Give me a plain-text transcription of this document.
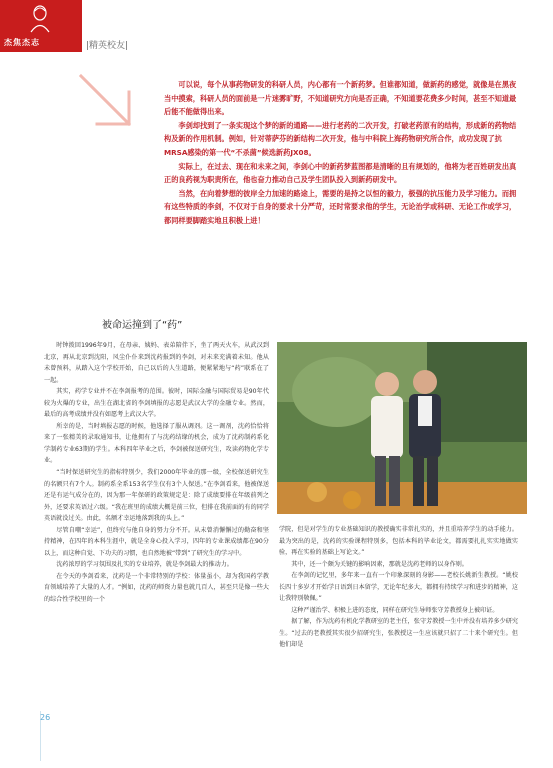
杰焦杰志	|精英校友|

可以说，每个从事药物研发的科研人员，内心都有一个新药梦。但谁都知道，做新药的感觉，就像是在黑夜当中摸索，科研人员的面前是一片迷雾旷野，不知道研究方向是否正确，不知道要花费多少时间，甚至不知道最后能不能做得出来。

李剑却找到了一条实现这个梦的新的通路——进行老药的二次开发，打破老药原有的结构，形成新的药物结构及新的作用机制。例如，针对蒂萨芬的新结构二次开发，他与中科院上海药物研究所合作，成功发现了抗MRSA感染的第一代“不杀菌”候选新药JX08。

实际上，在过去、现在和未来之间，李剑心中的新药梦蓝图都是清晰的且有规划的，他将为老百姓研发出真正的良药视为职责所在，他也奋力推动自己及学生团队投入到新药研发中。

当然，在向着梦想的彼岸全力加速的路途上，需要的是持之以恒的毅力，极强的抗压能力及学习能力。而拥有这些特质的李剑，不仅对于自身的要求十分严苛，还时常要求他的学生，无论治学或科研、无论工作或学习，都同样要脚踏实地且积极上进！

被命运撞到了“药”

时钟拨回1996年9月，在母亲、姨妈、表弟陪伴下，坐了两天火车，从武汉到北京，再从北京到沈阳，风尘仆仆来到沈药报到的李剑，对未来充满着未知。他从未曾预料，从踏入这个学校开始，自己以后的人生道路，便紧紧地与“药”联系在了一起。

其实，药学专业并不在李剑报考的范围。彼时，国际金融与国际贸易是90年代较为火爆的专业，出生在湖北省的李剑填报的志愿是武汉大学的金融专业。然而，最后的高考成绩并没有如愿考上武汉大学。

所幸的是，当时填报志愿的时候，他选择了服从调剂。这一调剂，沈药恰恰将来了一张精美的录取通知书，让他拥有了与沈药结缘的机会，成为了沈药制药系化学制药专业63期的学生。本科四年毕业之后，李剑被保送研究生，攻读药物化学专业。

“当时保送研究生的指标特别少，我们2000年毕业的那一级，全校保送研究生的名额只有7个人。制药系全系153名学生仅有3个人保送。”在李剑看来，他被保送还是有运气成分在的，因为那一年保研的政策规定是：除了成绩要排在年级前列之外，还要求英语过六级。“我在班里的成绩大概是前三位，但排在我前面的有的同学英语就没过关。由此，名额才幸运地落到我的头上。”

尽管自嘲“幸运”，但终究与他自身的努力分不开。从未曾消懈懈过的勤奋和坚持精神，在四年的本科生涯中，就是全身心投入学习，四年的专业课成绩都在90分以上，而这种自觉、下功夫的习惯，也自然地被“带到”了研究生的学习中。

沈药浓厚的学习氛围及扎实的专业培养，就是李剑最大的推动力。

在令天的李剑看来，沈药是一个非常特别的学校：体量虽小，却为我国药学教育领域培养了大量的人才。“例如，沈药的师资力量也就几百人，甚至只是像一些大的综合性学校里的一个

学院，但是对学生的专业基础知识的教授确实非常扎实的，并且重培养学生的动手能力。最为突出的是，沈药的实验课程特别多，包括本科的毕业论文，都需要扎扎实实地做实验，再在实验的基础上写论文。”

其中，还一个颇为关键的影响因素，那就是沈药老师的以身作则。

在李剑的记忆里，多年来一直有一个印象深刻的身影——老校长姚新生教授。“姚校长四十多岁才开始学日语到日本留学，无论年纪多大，都拥有持续学习和进步的精神，这让我特别敬佩。”

这种严谨治学、积极上进的态度，同样在研究生导师张守芳教授身上被印证。

据了解，作为沈药有机化学教研室的老主任，张守芳教授一生中并没有培养多少研究生。“过去的老教授其实很少招研究生，张教授这一生应该就只招了二十来个研究生。但他们却是

26
